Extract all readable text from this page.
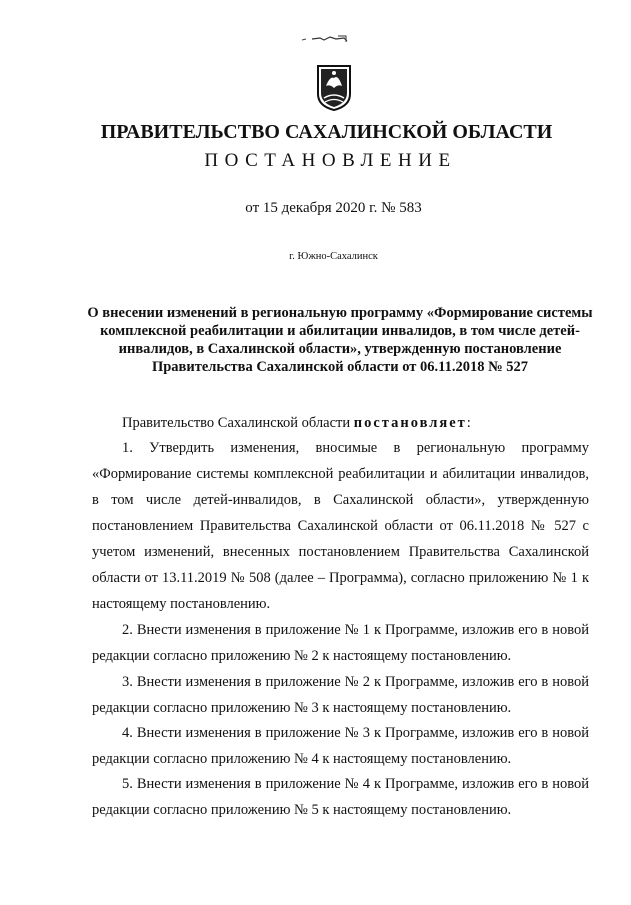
ПРАВИТЕЛЬСТВО САХАЛИНСКОЙ ОБЛАСТИ
ПОСТАНОВЛЕНИЕ
от 15 декабря 2020 г. № 583
г. Южно-Сахалинск
О внесении изменений в региональную программу «Формирование системы комплексной реабилитации и абилитации инвалидов, в том числе детей-инвалидов, в Сахалинской области», утвержденную постановление Правительства Сахалинской области от 06.11.2018 № 527
Правительство Сахалинской области постановляет:

1. Утвердить изменения, вносимые в региональную программу «Формирование системы комплексной реабилитации и абилитации инвалидов, в том числе детей-инвалидов, в Сахалинской области», утвержденную постановлением Правительства Сахалинской области от 06.11.2018 № 527 с учетом изменений, внесенных постановлением Правительства Сахалинской области от 13.11.2019 № 508 (далее – Программа), согласно приложению № 1 к настоящему постановлению.

2. Внести изменения в приложение № 1 к Программе, изложив его в новой редакции согласно приложению № 2 к настоящему постановлению.

3. Внести изменения в приложение № 2 к Программе, изложив его в новой редакции согласно приложению № 3 к настоящему постановлению.

4. Внести изменения в приложение № 3 к Программе, изложив его в новой редакции согласно приложению № 4 к настоящему постановлению.

5. Внести изменения в приложение № 4 к Программе, изложив его в новой редакции согласно приложению № 5 к настоящему постановлению.
